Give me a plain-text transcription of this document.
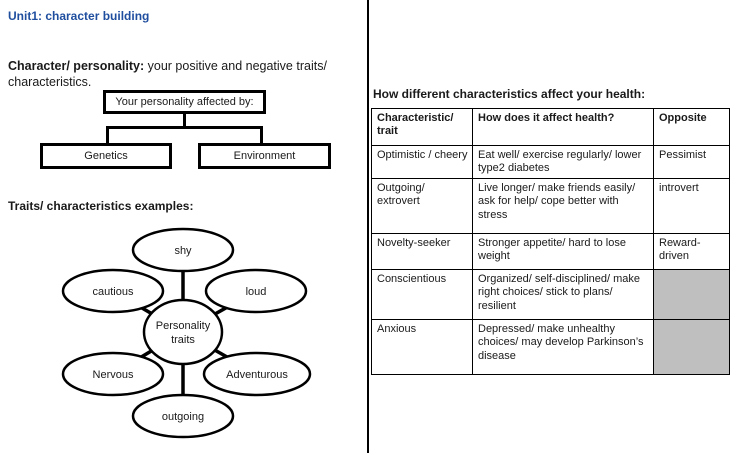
Unit1: character building

Character/ personality: your positive and negative traits/ characteristics.

Your personality affected by:
Genetics	Environment
Traits/ characteristics examples:
shy
cautious	loud
Nervous	Adventurous
outgoing
Personality
traits
How different characteristics affect your health:
Characteristic/ trait	How does it affect health?	Opposite
Optimistic / cheery	Eat well/ exercise regularly/ lower type2 diabetes	Pessimist
Outgoing/ extrovert	Live longer/ make friends easily/ ask for help/ cope better with stress	introvert
Novelty-seeker	Stronger appetite/ hard to lose weight	Reward-driven
Conscientious	Organized/ self-disciplined/ make right choices/ stick to plans/ resilient	
Anxious	Depressed/ make unhealthy choices/ may develop Parkinson’s disease	
